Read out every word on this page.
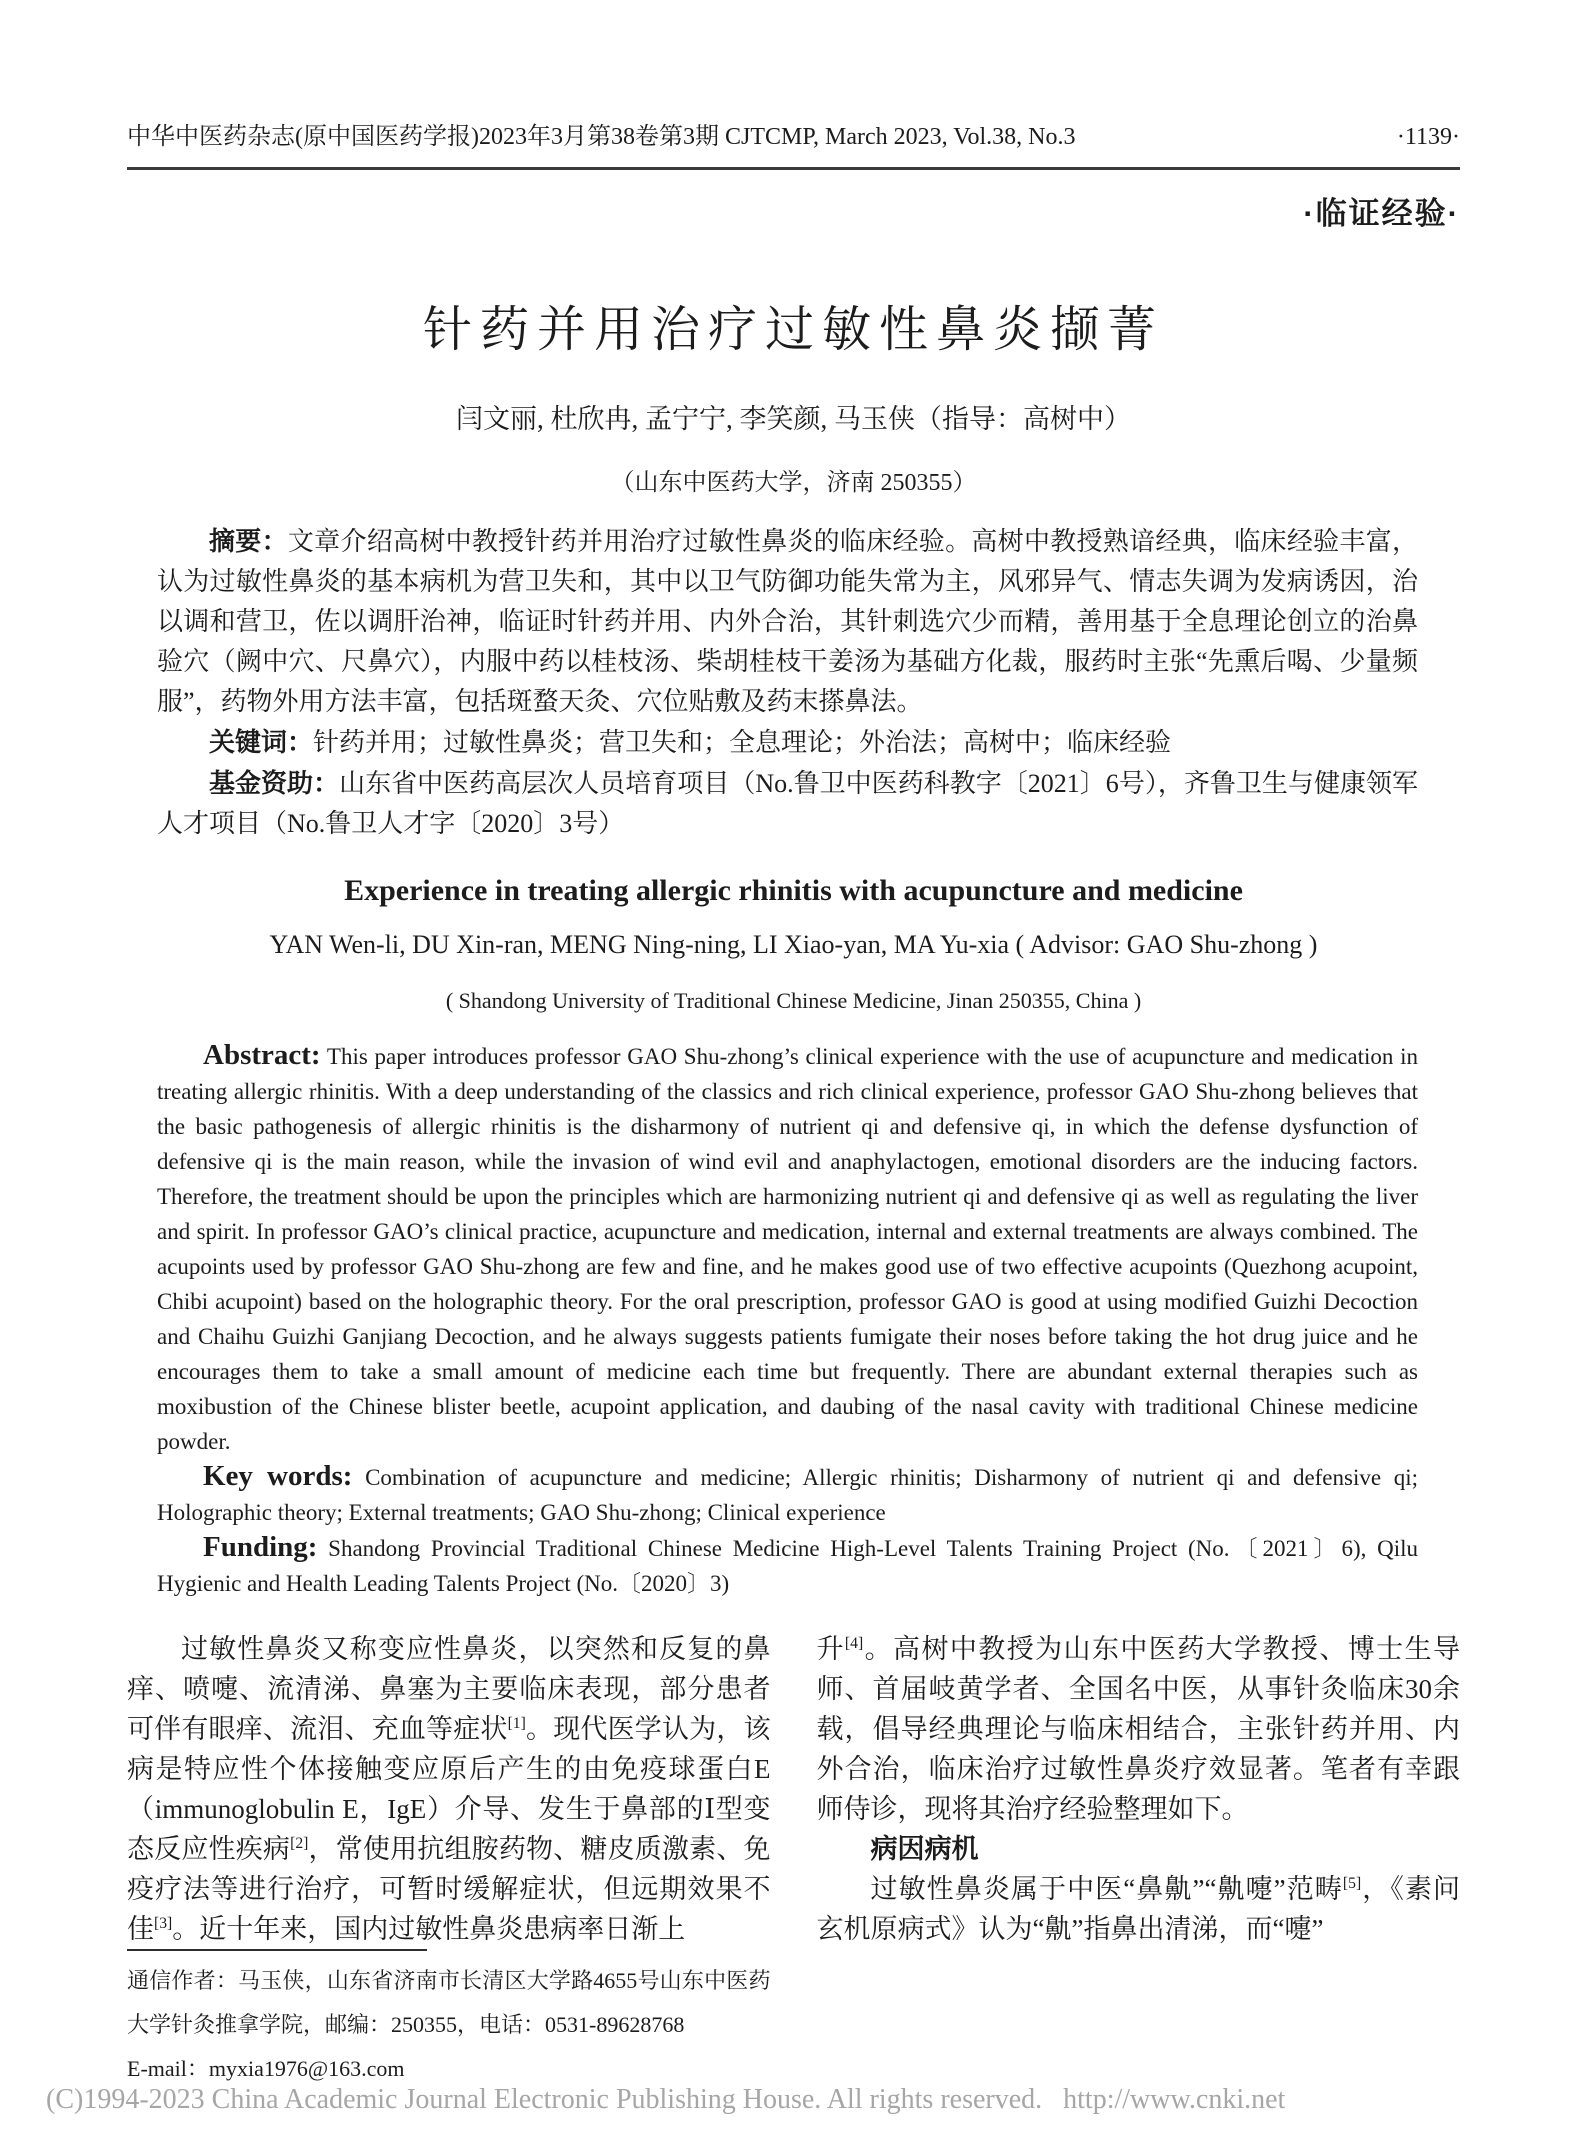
中华中医药杂志(原中国医药学报)2023年3月第38卷第3期 CJTCMP, March 2023, Vol.38, No.3	·1139·
·临证经验·
针药并用治疗过敏性鼻炎撷菁
闫文丽, 杜欣冉, 孟宁宁, 李笑颜, 马玉侠（指导：高树中）
（山东中医药大学，济南 250355）

摘要：文章介绍高树中教授针药并用治疗过敏性鼻炎的临床经验。高树中教授熟谙经典，临床经验丰富，认为过敏性鼻炎的基本病机为营卫失和，其中以卫气防御功能失常为主，风邪异气、情志失调为发病诱因，治以调和营卫，佐以调肝治神，临证时针药并用、内外合治，其针刺选穴少而精，善用基于全息理论创立的治鼻验穴（阙中穴、尺鼻穴），内服中药以桂枝汤、柴胡桂枝干姜汤为基础方化裁，服药时主张“先熏后喝、少量频服”，药物外用方法丰富，包括斑蝥天灸、穴位贴敷及药末搽鼻法。

关键词：针药并用；过敏性鼻炎；营卫失和；全息理论；外治法；高树中；临床经验

基金资助：山东省中医药高层次人员培育项目（No.鲁卫中医药科教字〔2021〕6号），齐鲁卫生与健康领军人才项目（No.鲁卫人才字〔2020〕3号）

Experience in treating allergic rhinitis with acupuncture and medicine
YAN Wen-li, DU Xin-ran, MENG Ning-ning, LI Xiao-yan, MA Yu-xia ( Advisor: GAO Shu-zhong )
( Shandong University of Traditional Chinese Medicine, Jinan 250355, China )

Abstract: This paper introduces professor GAO Shu-zhong’s clinical experience with the use of acupuncture and medication in treating allergic rhinitis. With a deep understanding of the classics and rich clinical experience, professor GAO Shu-zhong believes that the basic pathogenesis of allergic rhinitis is the disharmony of nutrient qi and defensive qi, in which the defense dysfunction of defensive qi is the main reason, while the invasion of wind evil and anaphylactogen, emotional disorders are the inducing factors. Therefore, the treatment should be upon the principles which are harmonizing nutrient qi and defensive qi as well as regulating the liver and spirit. In professor GAO’s clinical practice, acupuncture and medication, internal and external treatments are always combined. The acupoints used by professor GAO Shu-zhong are few and fine, and he makes good use of two effective acupoints (Quezhong acupoint, Chibi acupoint) based on the holographic theory. For the oral prescription, professor GAO is good at using modified Guizhi Decoction and Chaihu Guizhi Ganjiang Decoction, and he always suggests patients fumigate their noses before taking the hot drug juice and he encourages them to take a small amount of medicine each time but frequently. There are abundant external therapies such as moxibustion of the Chinese blister beetle, acupoint application, and daubing of the nasal cavity with traditional Chinese medicine powder.

Key words: Combination of acupuncture and medicine; Allergic rhinitis; Disharmony of nutrient qi and defensive qi; Holographic theory; External treatments; GAO Shu-zhong; Clinical experience

Funding: Shandong Provincial Traditional Chinese Medicine High-Level Talents Training Project (No.〔2021〕6), Qilu Hygienic and Health Leading Talents Project (No.〔2020〕3)

过敏性鼻炎又称变应性鼻炎，以突然和反复的鼻痒、喷嚏、流清涕、鼻塞为主要临床表现，部分患者可伴有眼痒、流泪、充血等症状[1]。现代医学认为，该病是特应性个体接触变应原后产生的由免疫球蛋白E（immunoglobulin E，IgE）介导、发生于鼻部的Ⅰ型变态反应性疾病[2]，常使用抗组胺药物、糖皮质激素、免疫疗法等进行治疗，可暂时缓解症状，但远期效果不佳[3]。近十年来，国内过敏性鼻炎患病率日渐上

通信作者：马玉侠，山东省济南市长清区大学路4655号山东中医药大学针灸推拿学院，邮编：250355，电话：0531-89628768

E-mail：myxia1976@163.com

升[4]。高树中教授为山东中医药大学教授、博士生导师、首届岐黄学者、全国名中医，从事针灸临床30余载，倡导经典理论与临床相结合，主张针药并用、内外合治，临床治疗过敏性鼻炎疗效显著。笔者有幸跟师侍诊，现将其治疗经验整理如下。

病因病机

过敏性鼻炎属于中医“鼻鼽”“鼽嚏”范畴[5]，《素问玄机原病式》认为“鼽”指鼻出清涕，而“嚏”

(C)1994-2023 China Academic Journal Electronic Publishing House. All rights reserved.   http://www.cnki.net
